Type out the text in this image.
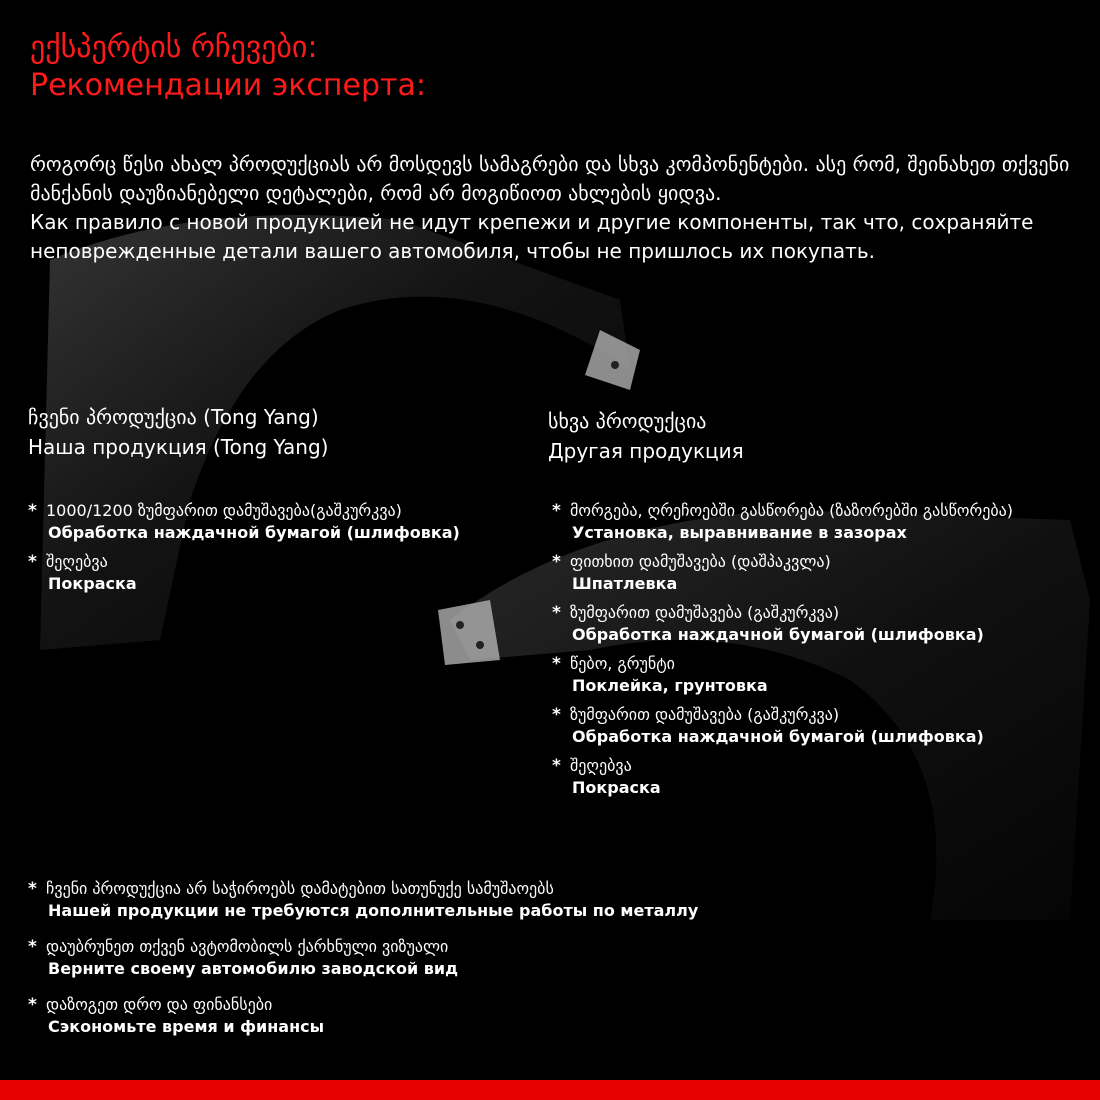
ექსპერტის რჩევები:
Рекомендации эксперта:

როგორც წესი ახალ პროდუქციას არ მოსდევს სამაგრები და სხვა კომპონენტები. ასე რომ, შეინახეთ თქვენი მანქანის დაუზიანებელი დეტალები, რომ არ მოგიწიოთ ახლების ყიდვა.

Как правило с новой продукцией не идут крепежи и другие компоненты, так что, сохраняйте неповрежденные детали вашего автомобиля, чтобы не пришлось их покупать.

ჩვენი პროდუქცია (Tong Yang)
Наша продукция (Tong Yang)
* 1000/1200 ზუმფარით დამუშავება(გაშკურკვა)
Обработка наждачной бумагой (шлифовка)
* შეღებვა
Покраска
სხვა პროდუქცია
Другая продукция
* მორგება, ღრეჩოებში გასწორება (ზაზორებში გასწორება)
Установка, выравнивание в зазорах
* ფითხით დამუშავება (დაშპაკვლა)
Шпатлевка
* ზუმფარით დამუშავება (გაშკურკვა)
Обработка наждачной бумагой (шлифовка)
* წებო, გრუნტი
Поклейка, грунтовка
* ზუმფარით დამუშავება (გაშკურკვა)
Обработка наждачной бумагой (шлифовка)
* შეღებვა
Покраска
* ჩვენი პროდუქცია არ საჭიროებს დამატებით სათუნუქე სამუშაოებს
Нашей продукции не требуются дополнительные работы по металлу
* დაუბრუნეთ თქვენ ავტომობილს ქარხნული ვიზუალი
Верните своему автомобилю заводской вид
* დაზოგეთ დრო და ფინანსები
Сэкономьте время и финансы
